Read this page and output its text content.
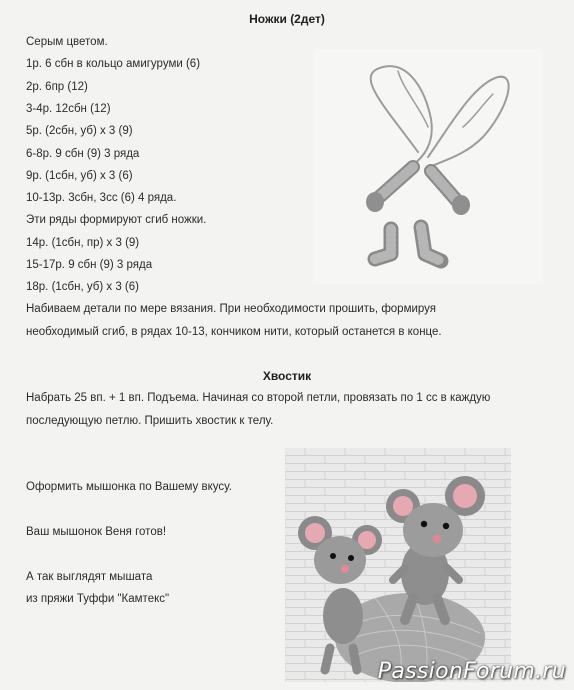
Ножки (2дет)
Серым цветом.
1р. 6 сбн в кольцо амигуруми (6)
2р. 6пр (12)
3-4р. 12сбн (12)
5р. (2сбн, уб) х 3 (9)
6-8р. 9 сбн (9) 3 ряда
9р. (1сбн, уб) х 3 (6)
10-13р. 3сбн, 3сс (6) 4 ряда.
Эти ряды формируют сгиб ножки.
14р. (1сбн, пр) х 3 (9)
15-17р. 9 сбн (9) 3 ряда
18р. (1сбн, уб) х 3 (6)
Набиваем детали по мере вязания. При необходимости прошить, формируя
необходимый сгиб, в рядах 10-13, кончиком нити, который останется в конце.
Хвостик
Набрать 25 вп. + 1 вп. Подъема. Начиная со второй петли, провязать по 1 сс в каждую
последующую петлю. Пришить хвостик к телу.
Оформить мышонка по Вашему вкусу.
Ваш мышонок Веня готов!
А так выглядят мышата
из пряжи Туффи "Камтекс"
PassionForum.ru
